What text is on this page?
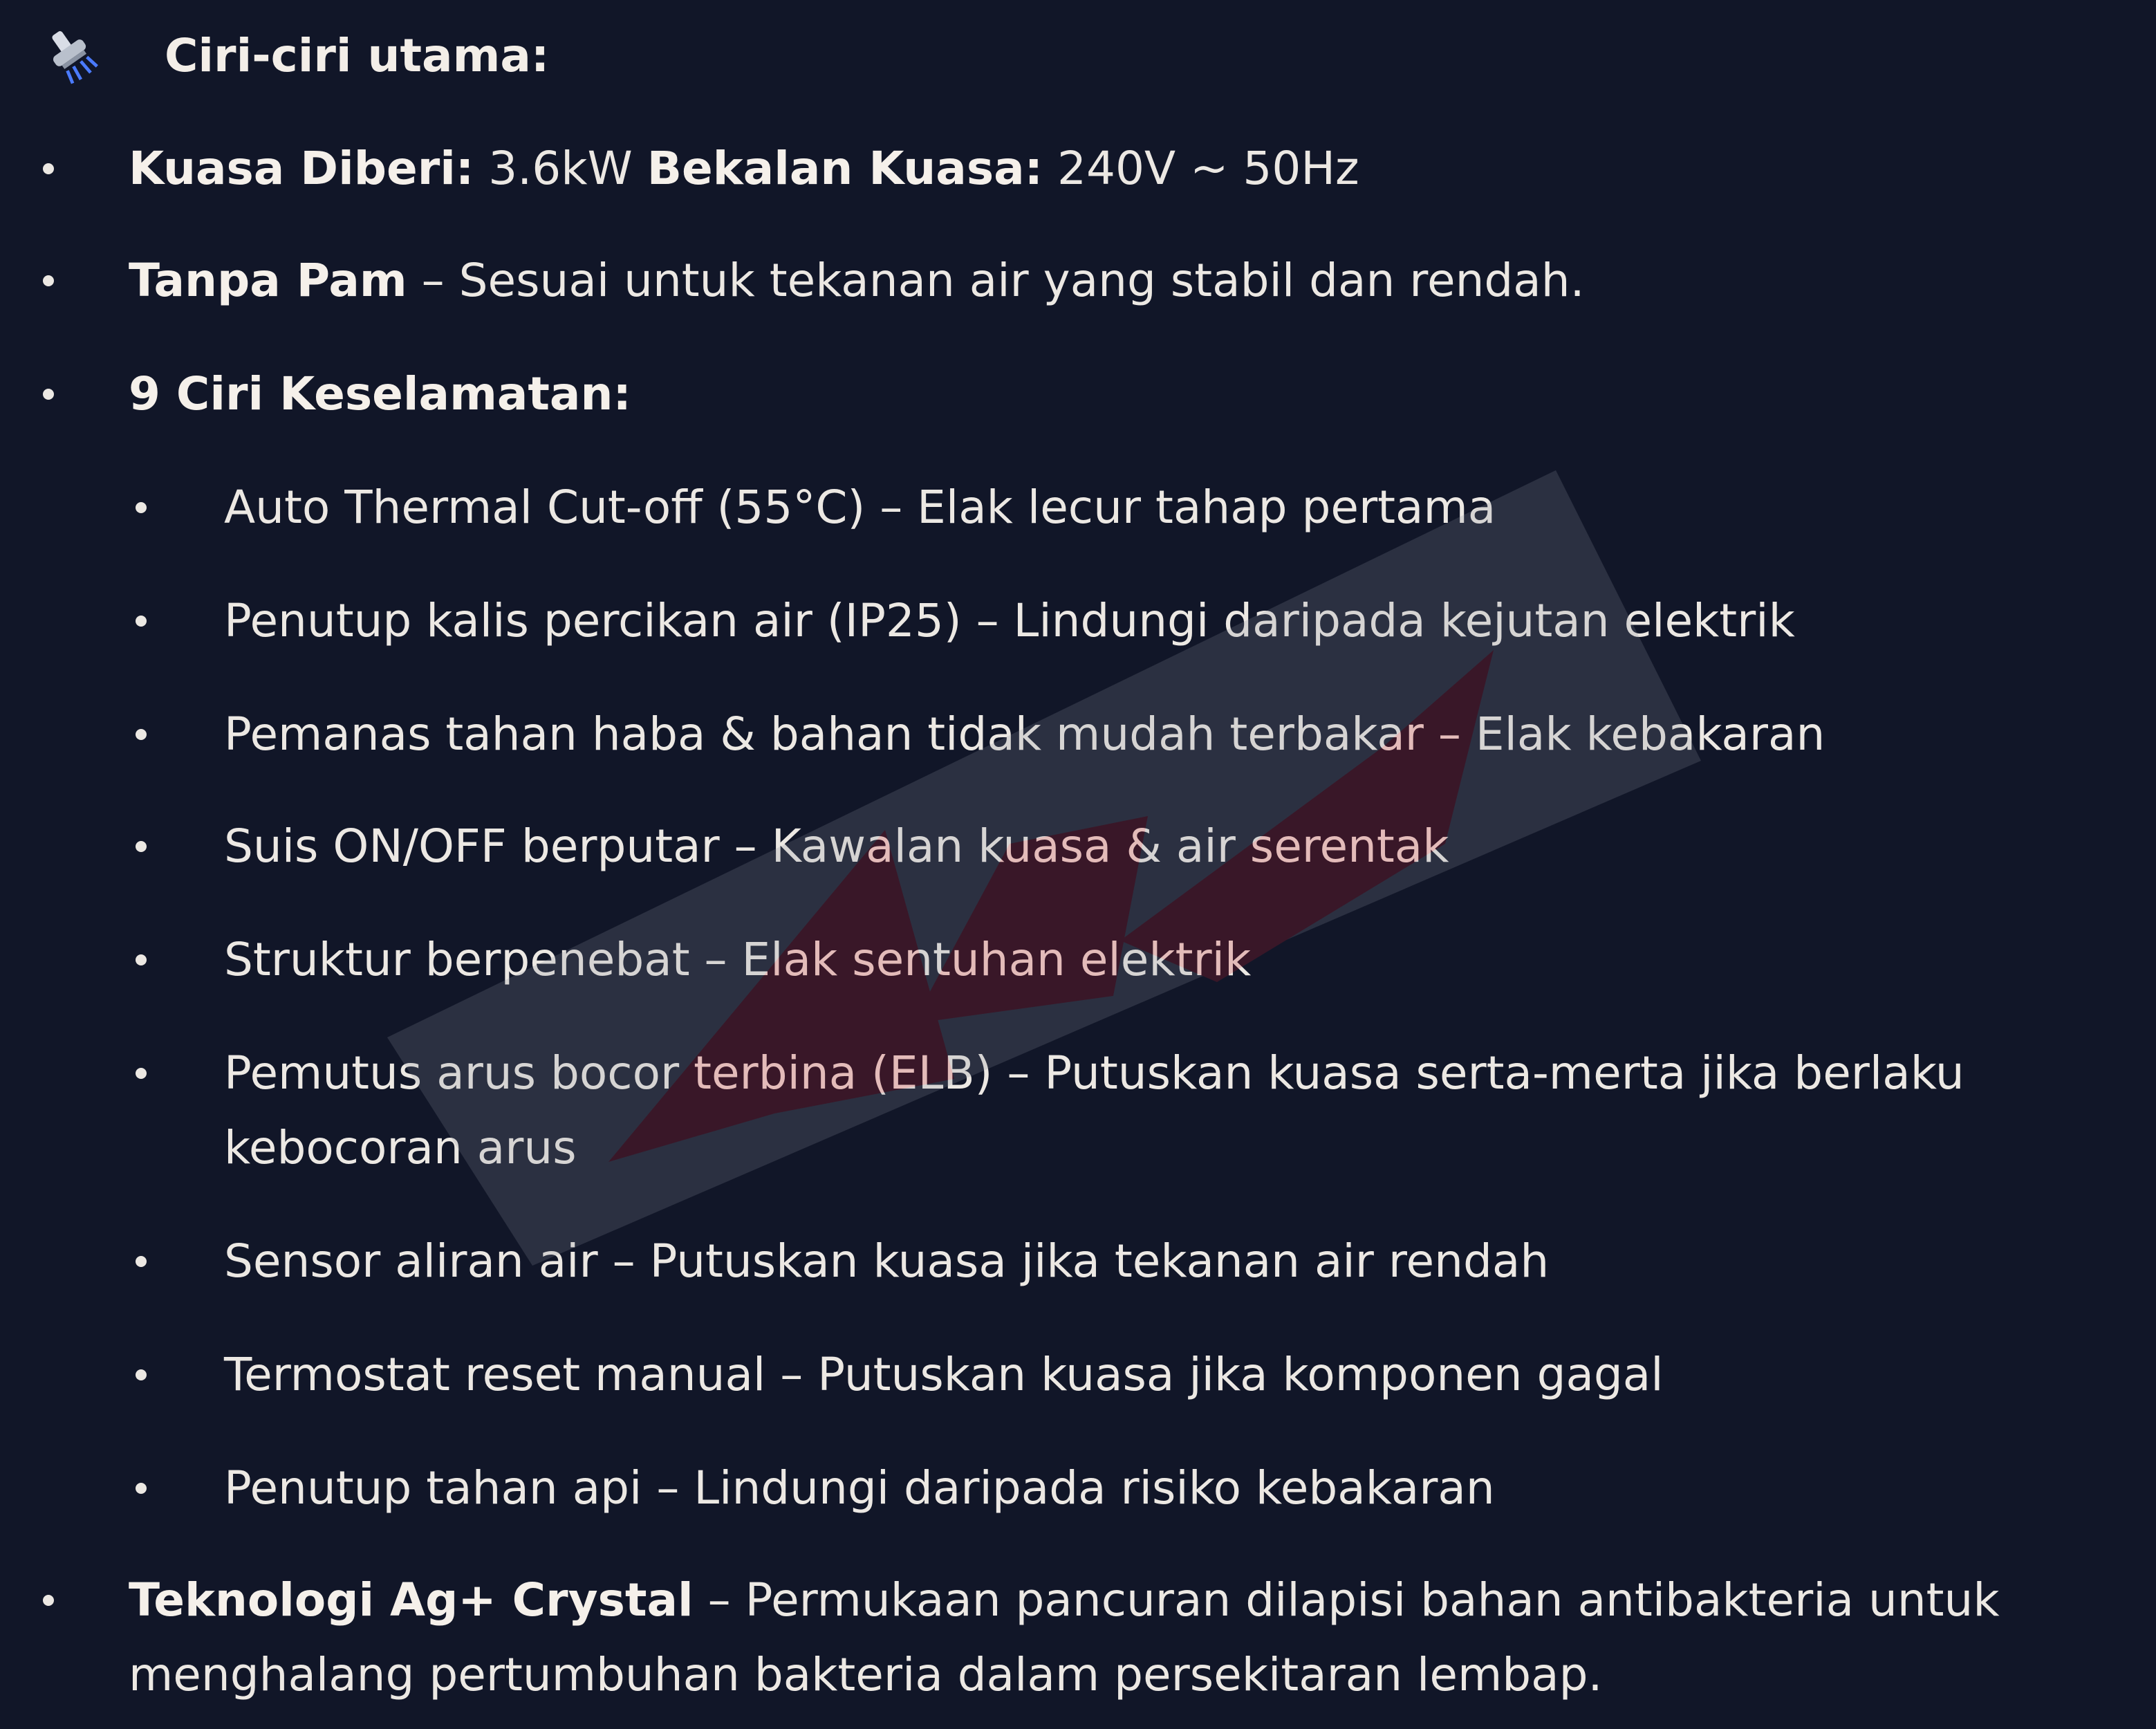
Ciri-ciri utama:
Kuasa Diberi: 3.6kW Bekalan Kuasa: 240V ~ 50Hz
Tanpa Pam – Sesuai untuk tekanan air yang stabil dan rendah.
9 Ciri Keselamatan:
Auto Thermal Cut-off (55°C) – Elak lecur tahap pertama
Penutup kalis percikan air (IP25) – Lindungi daripada kejutan elektrik
Pemanas tahan haba & bahan tidak mudah terbakar – Elak kebakaran
Suis ON/OFF berputar – Kawalan kuasa & air serentak
Struktur berpenebat – Elak sentuhan elektrik
Pemutus arus bocor terbina (ELB) – Putuskan kuasa serta-merta jika berlaku
kebocoran arus
Sensor aliran air – Putuskan kuasa jika tekanan air rendah
Termostat reset manual – Putuskan kuasa jika komponen gagal
Penutup tahan api – Lindungi daripada risiko kebakaran
Teknologi Ag+ Crystal – Permukaan pancuran dilapisi bahan antibakteria untuk
menghalang pertumbuhan bakteria dalam persekitaran lembap.
